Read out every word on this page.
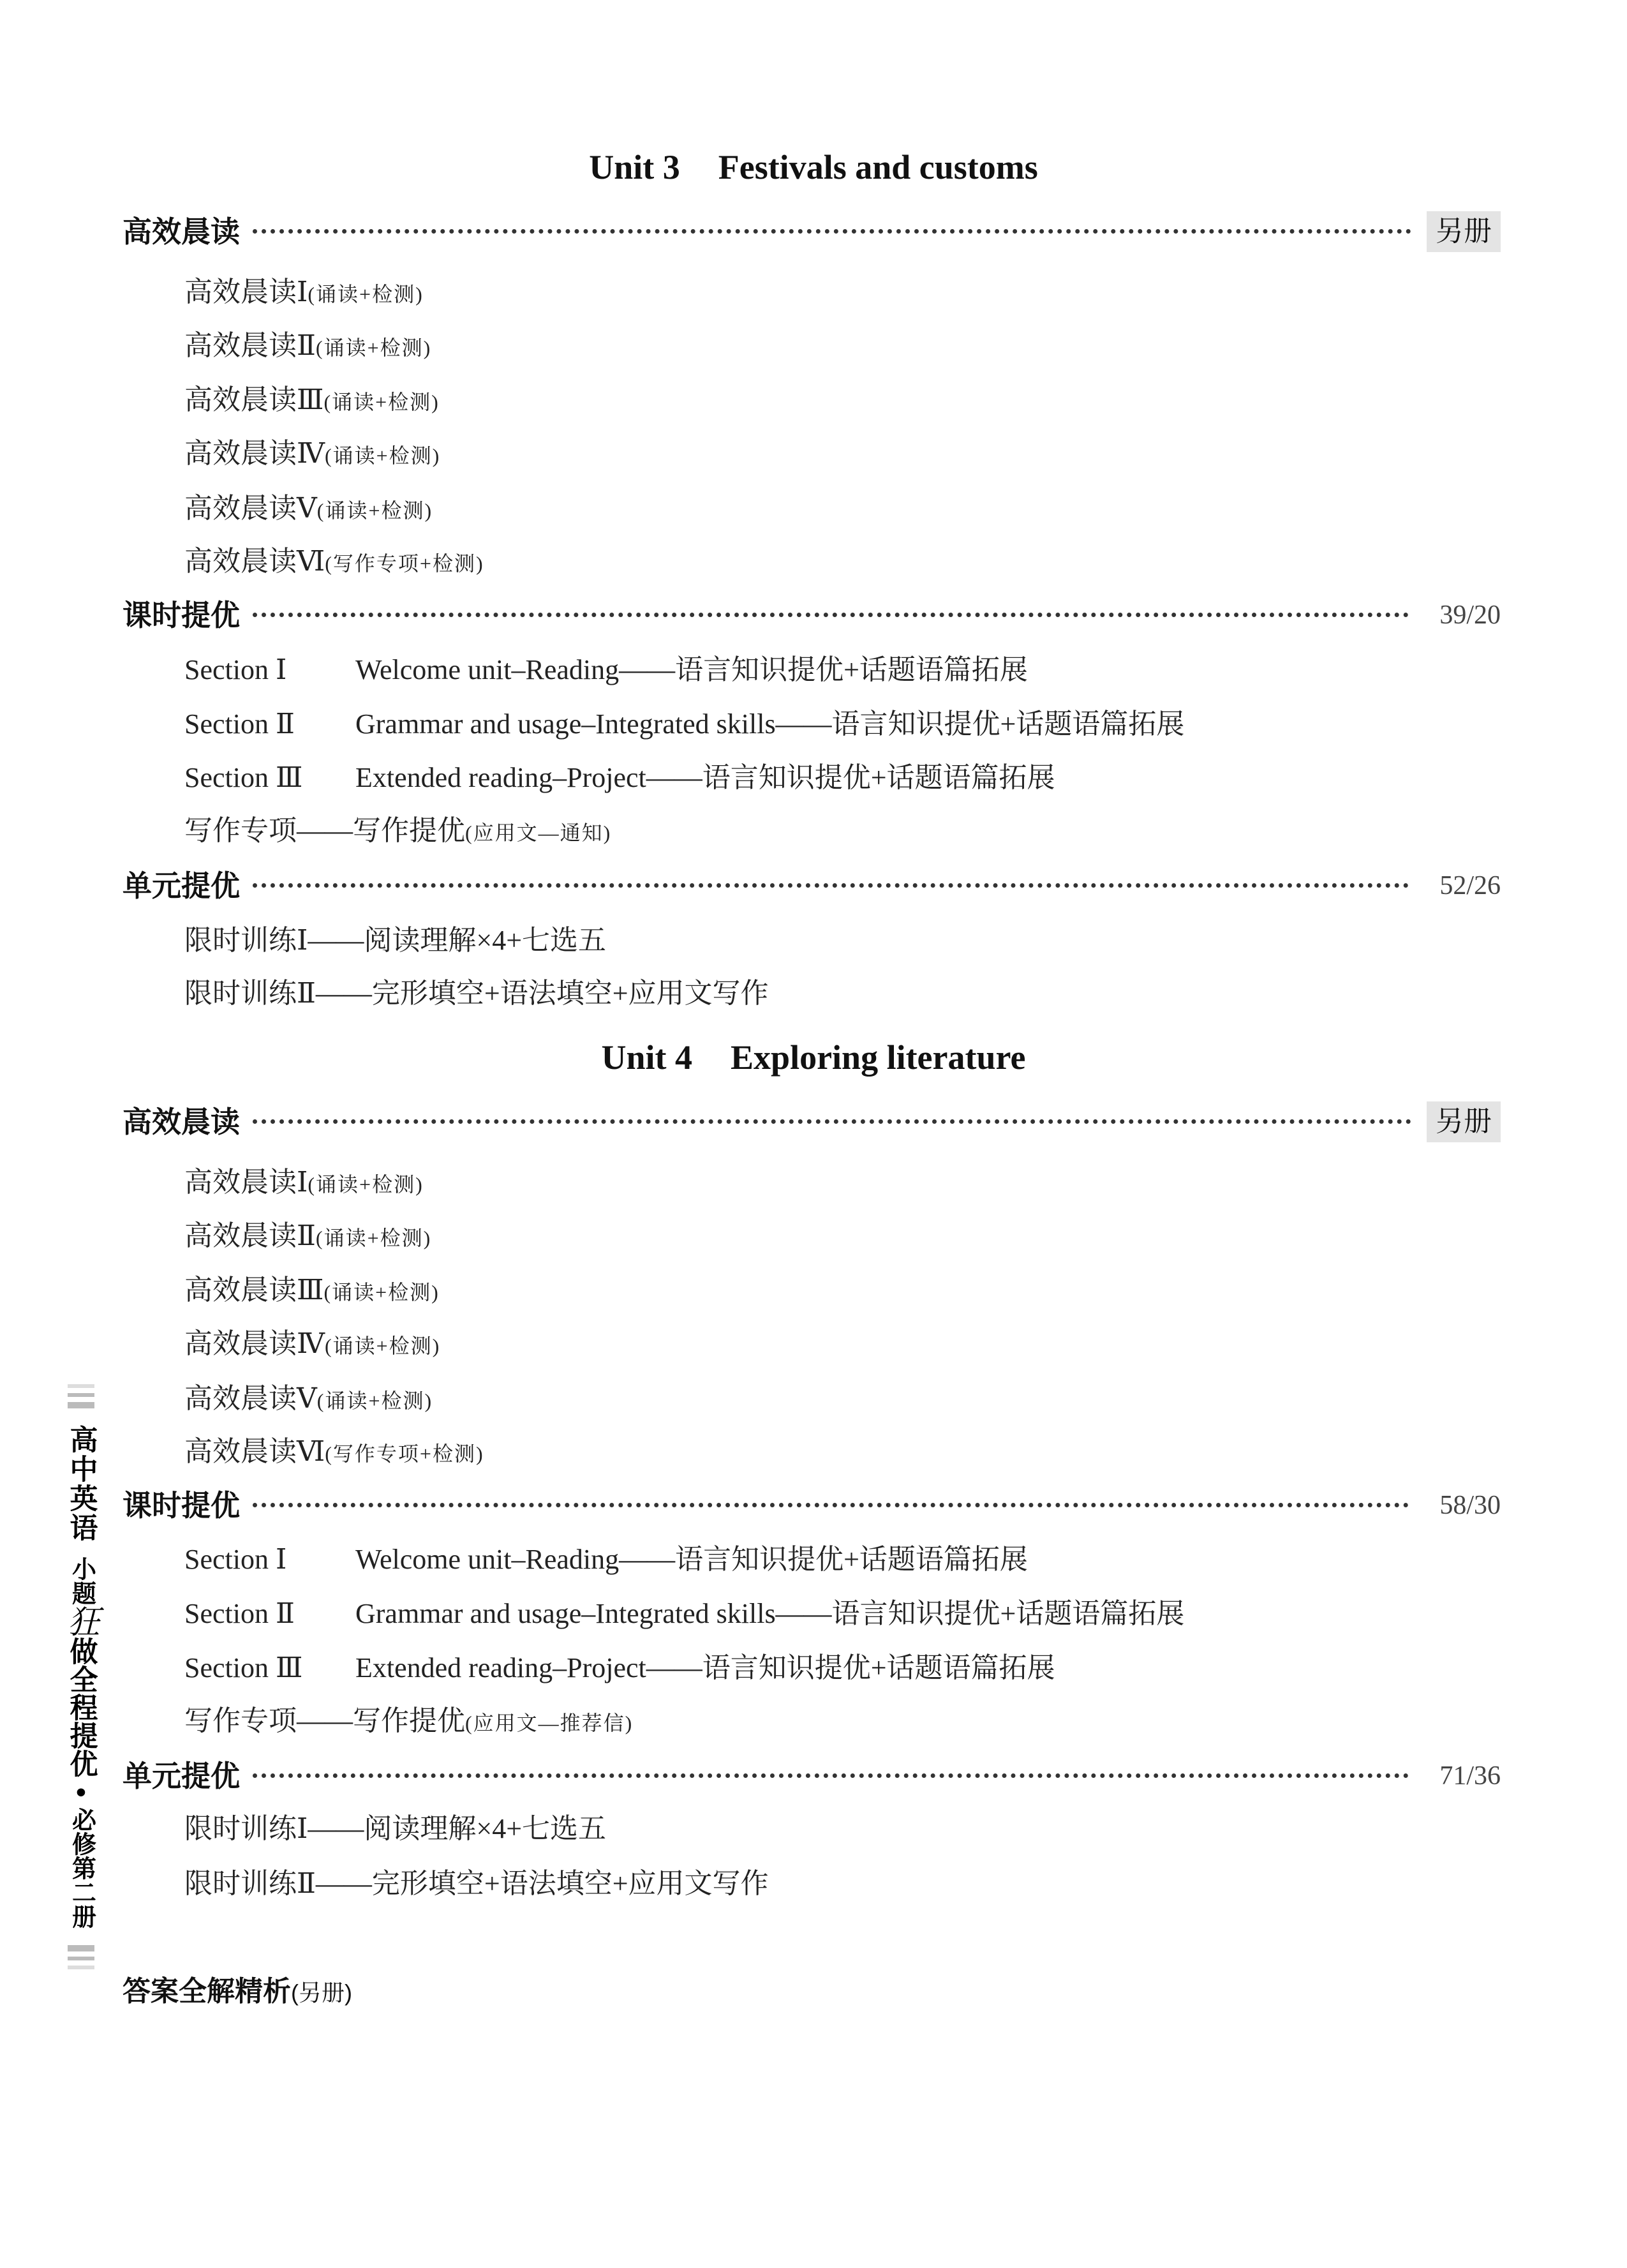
Unit 3 Festivals and customs
高效晨读	另册
高效晨读Ⅰ(诵读+检测)
高效晨读Ⅱ(诵读+检测)
高效晨读Ⅲ(诵读+检测)
高效晨读Ⅳ(诵读+检测)
高效晨读Ⅴ(诵读+检测)
高效晨读Ⅵ(写作专项+检测)
课时提优	39/20
Section Ⅰ Welcome unit–Reading——语言知识提优+话题语篇拓展
Section Ⅱ Grammar and usage–Integrated skills——语言知识提优+话题语篇拓展
Section Ⅲ Extended reading–Project——语言知识提优+话题语篇拓展
写作专项——写作提优(应用文—通知)
单元提优	52/26
限时训练Ⅰ——阅读理解×4+七选五
限时训练Ⅱ——完形填空+语法填空+应用文写作
Unit 4 Exploring literature
高效晨读	另册
高效晨读Ⅰ(诵读+检测)
高效晨读Ⅱ(诵读+检测)
高效晨读Ⅲ(诵读+检测)
高效晨读Ⅳ(诵读+检测)
高效晨读Ⅴ(诵读+检测)
高效晨读Ⅵ(写作专项+检测)
课时提优	58/30
Section Ⅰ Welcome unit–Reading——语言知识提优+话题语篇拓展
Section Ⅱ Grammar and usage–Integrated skills——语言知识提优+话题语篇拓展
Section Ⅲ Extended reading–Project——语言知识提优+话题语篇拓展
写作专项——写作提优(应用文—推荐信)
单元提优	71/36
限时训练Ⅰ——阅读理解×4+七选五
限时训练Ⅱ——完形填空+语法填空+应用文写作
答案全解精析(另册)
高中英语
小题
狂
做全程提优
•
必修第二册
